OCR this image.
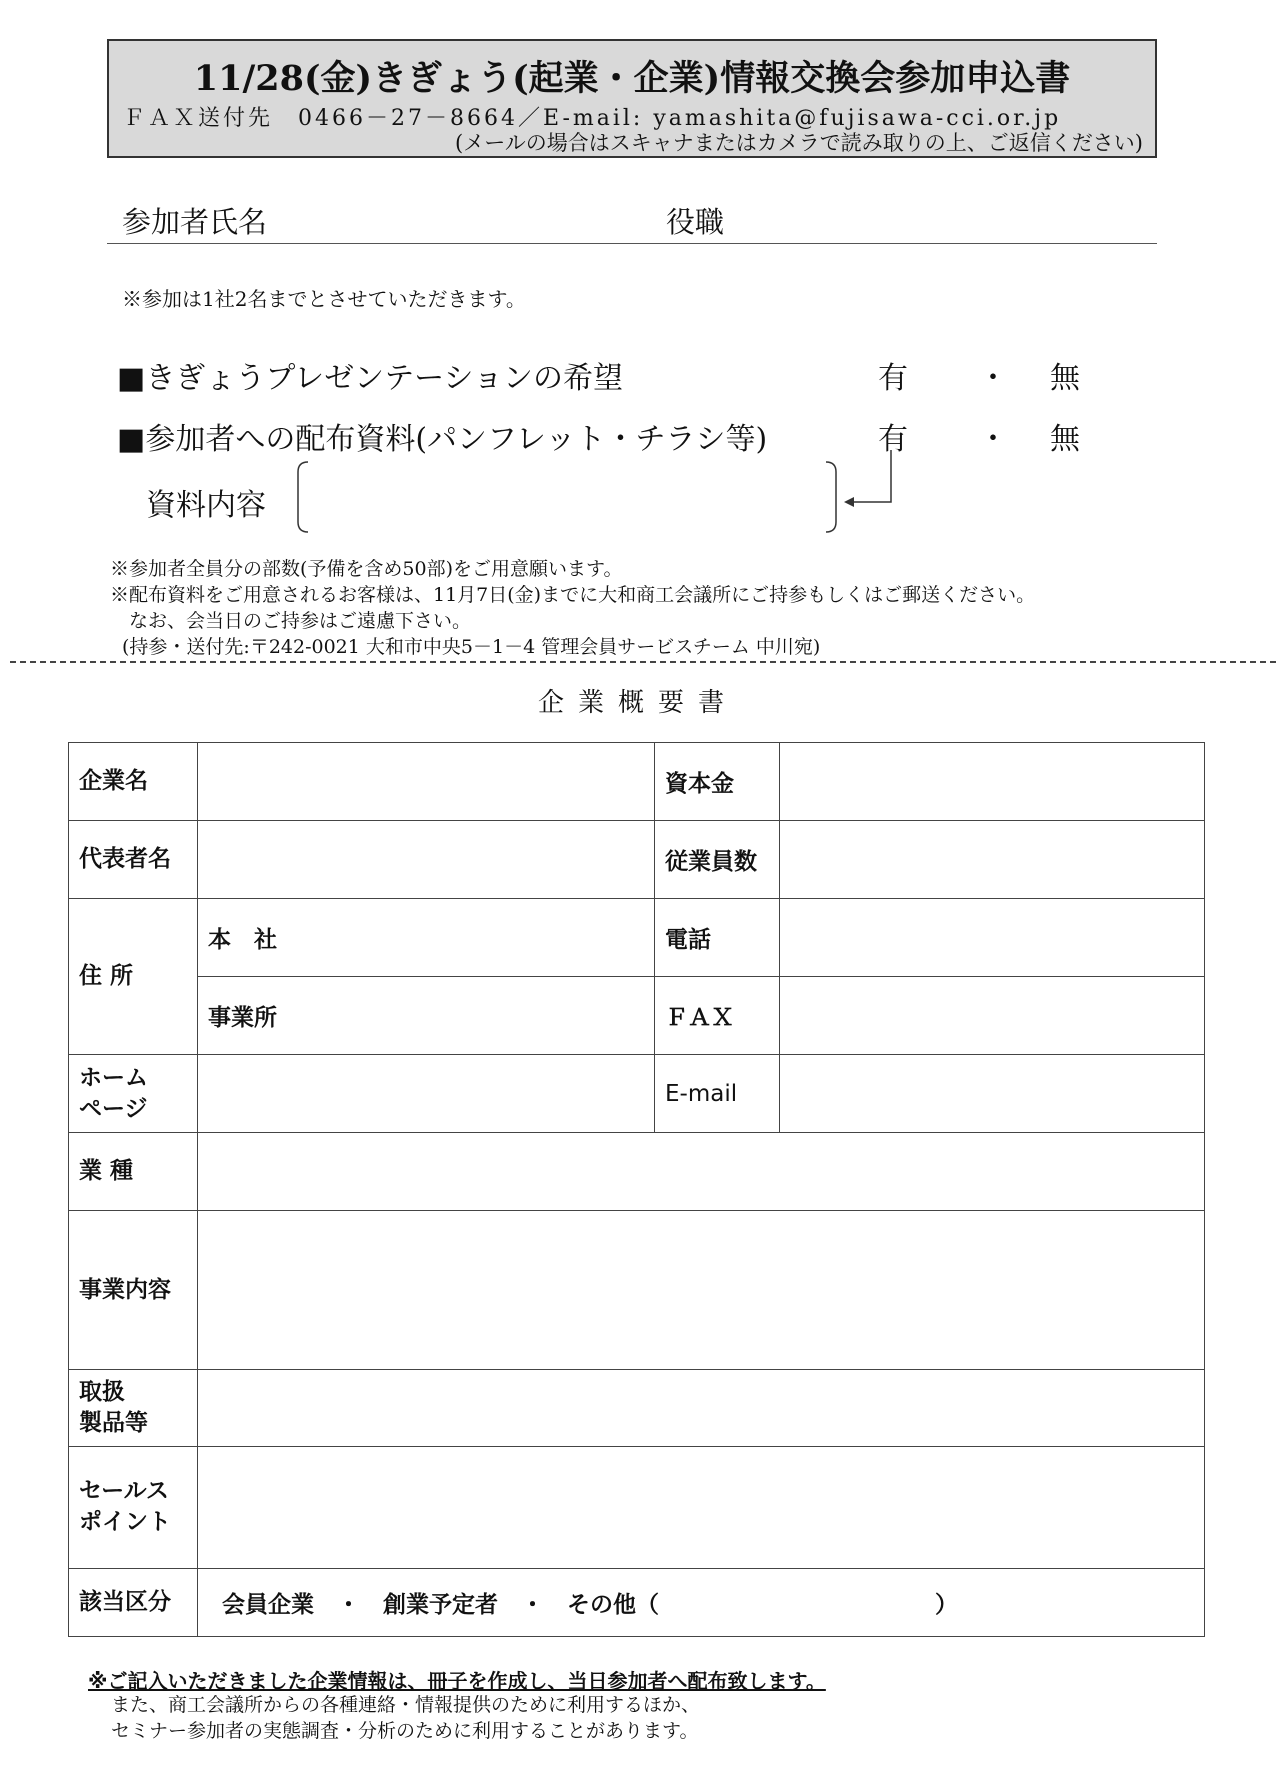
11/28(金)きぎょう(起業・企業)情報交換会参加申込書
ＦＡＸ送付先　0466－27－8664／E-mail: yamashita@fujisawa-cci.or.jp
(メールの場合はスキャナまたはカメラで読み取りの上、ご返信ください)
参加者氏名	役職
※参加は1社2名までとさせていただきます。
■きぎょうプレゼンテーションの希望	有 ・ 無
■参加者への配布資料(パンフレット・チラシ等)	有 ・ 無
資料内容
※参加者全員分の部数(予備を含め50部)をご用意願います。
※配布資料をご用意されるお客様は、11月7日(金)までに大和商工会議所にご持参もしくはご郵送ください。
　なお、会当日のご持参はご遠慮下さい。
(持参・送付先:〒242-0021 大和市中央5－1－4 管理会員サービスチーム 中川宛)
企業概要書
企業名		資本金	
代表者名		従業員数	
住 所	本　社	電話	
	事業所	ＦＡＸ	
ホーム
ページ		E-mail	
業 種			
事業内容			
取扱
製品等			
セールス
ポイント			
該当区分	会員企業　・　創業予定者　・　その他（　　　　　　　　　　　　）		
※ご記入いただきました企業情報は、冊子を作成し、当日参加者へ配布致します。
また、商工会議所からの各種連絡・情報提供のために利用するほか、
セミナー参加者の実態調査・分析のために利用することがあります。
